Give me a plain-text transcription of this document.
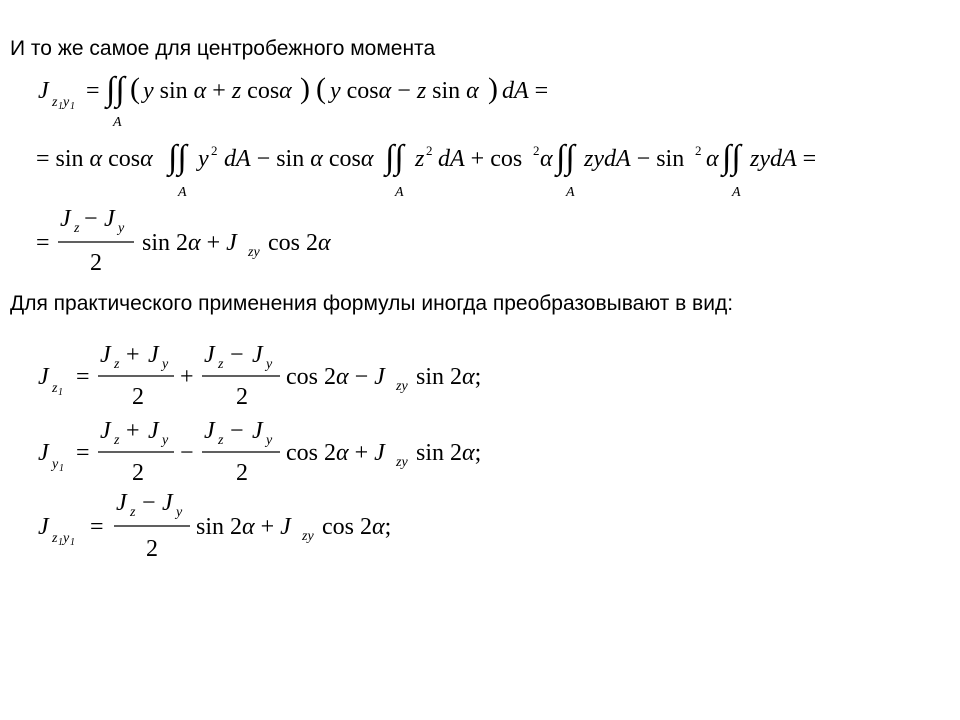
И то же самое для центробежного момента
Для практического применения формулы иногда преобразовывают в вид:
J z 1 y 1
= ∫∫
A
( y sin α + z cosα ) ( y cosα − z sin α ) dA =
= sin α cosα ∫∫
A
y 2 dA − sin α cosα ∫∫
A
z 2 dA + cos 2 α ∫∫
A
zydA − sin 2 α ∫∫
A
zydA =
=
J z − J y
2
sin 2α + J zy cos 2α
J z 1
=
J z + J y
2
+
J z − J y
2
cos 2α − J zy sin 2α;
J y 1
=
J z + J y
2
−
J z − J y
2
cos 2α + J zy sin 2α;
J z 1 y 1
=
J z − J y
2
sin 2α + J zy cos 2α;
